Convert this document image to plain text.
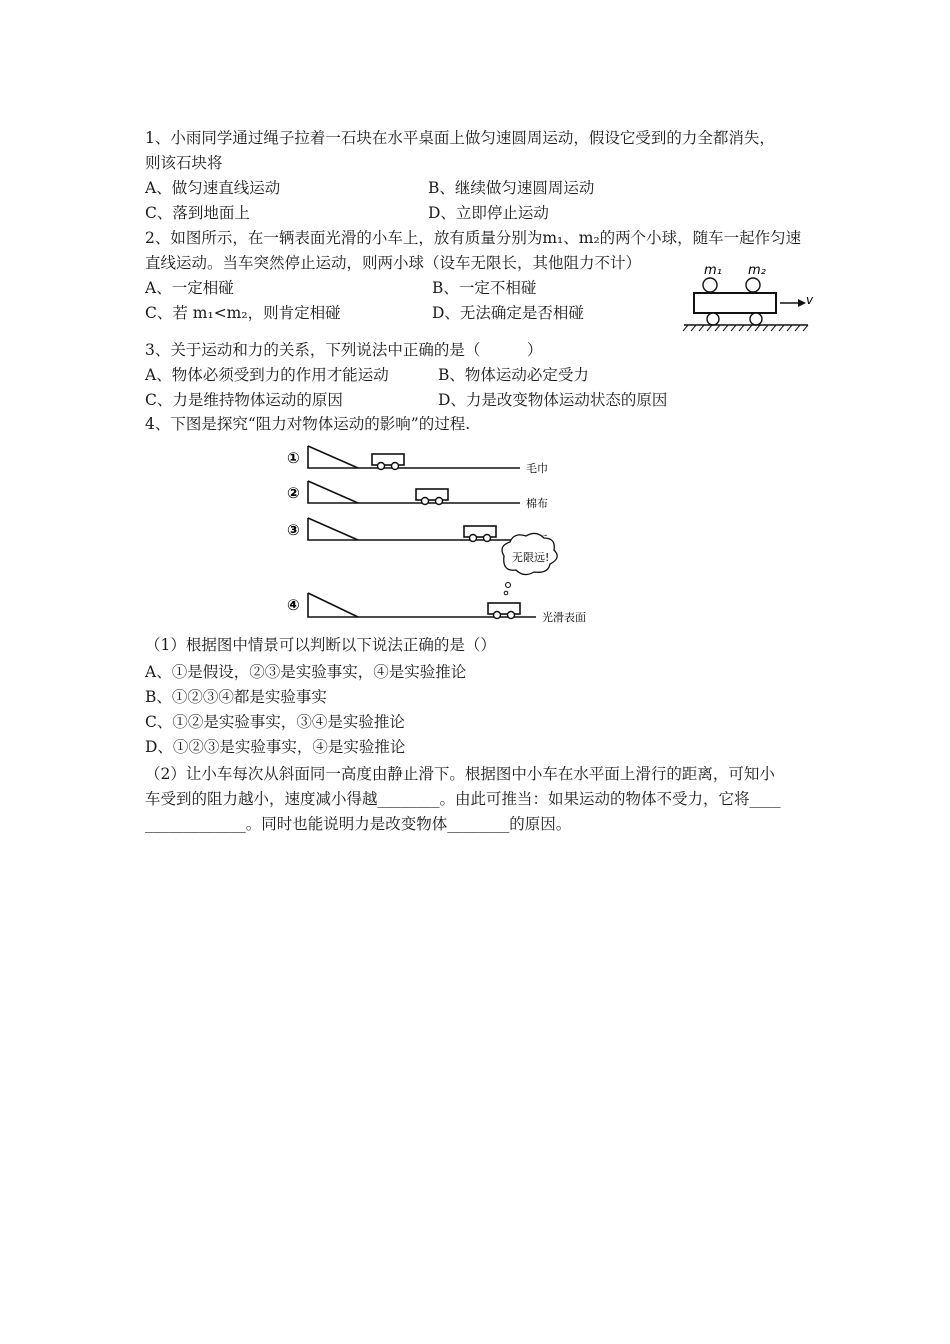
1、小雨同学通过绳子拉着一石块在水平桌面上做匀速圆周运动，假设它受到的力全都消失，
则该石块将
A、做匀速直线运动	B、继续做匀速圆周运动
C、落到地面上	D、立即停止运动
2、如图所示，在一辆表面光滑的小车上，放有质量分别为m₁、m₂的两个小球，随车一起作匀速
直线运动。当车突然停止运动，则两小球（设车无限长，其他阻力不计）
A、一定相碰	B、一定不相碰
C、若 m₁<m₂，则肯定相碰	D、无法确定是否相碰
m₁ m₂
v
3、关于运动和力的关系，下列说法中正确的是（　　　）
A、物体必须受到力的作用才能运动	B、物体运动必定受力
C、力是维持物体运动的原因	D、力是改变物体运动状态的原因
4、下图是探究“阻力对物体运动的影响”的过程.
①
毛巾
②
棉布
③
④
光滑表面
无限远!
（1）根据图中情景可以判断以下说法正确的是（）
A、①是假设，②③是实验事实，④是实验推论
B、①②③④都是实验事实
C、①②是实验事实，③④是实验推论
D、①②③是实验事实，④是实验推论
（2）让小车每次从斜面同一高度由静止滑下。根据图中小车在水平面上滑行的距离，可知小
车受到的阻力越小，速度减小得越________。由此可推当：如果运动的物体不受力，它将____
_____________。同时也能说明力是改变物体________的原因。
